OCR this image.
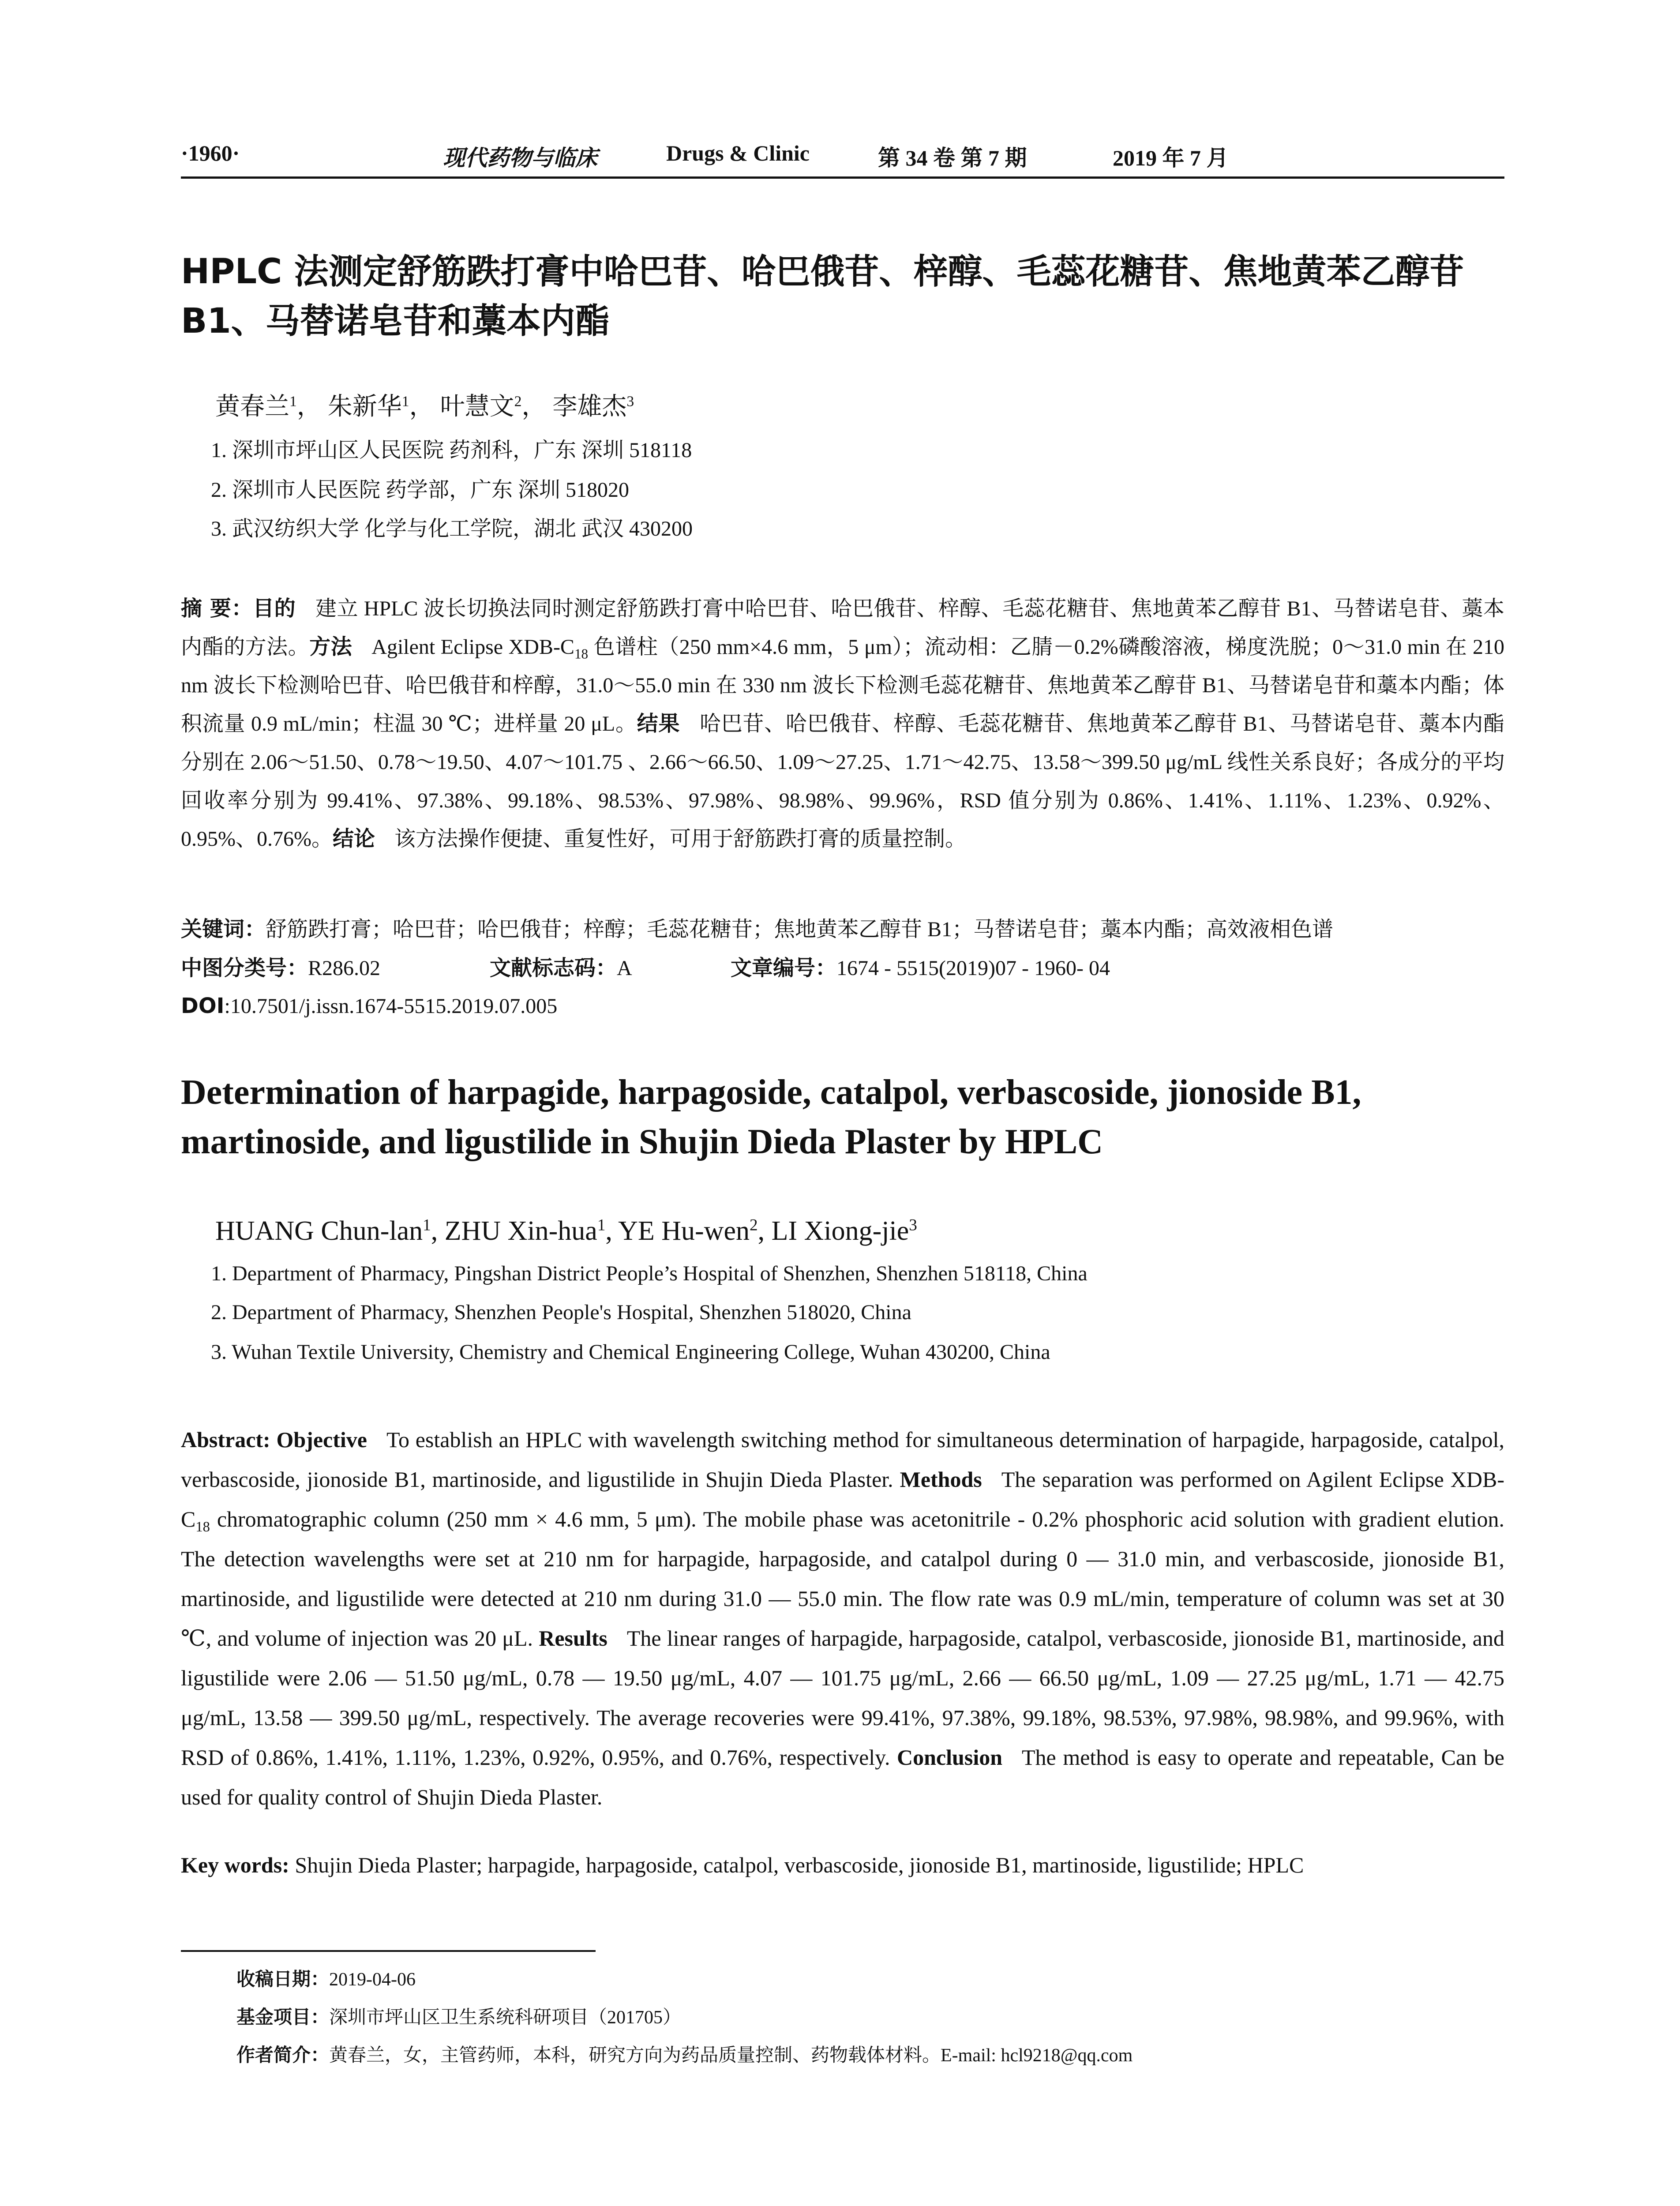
·1960·	现代药物与临床	Drugs & Clinic	第 34 卷 第 7 期	2019 年 7 月
HPLC 法测定舒筋跌打膏中哈巴苷、哈巴俄苷、梓醇、毛蕊花糖苷、焦地黄苯乙醇苷 B1、马替诺皂苷和藁本内酯
黄春兰$^1$， 朱新华$^1$， 叶慧文$^2$， 李雄杰$^3$
1. 深圳市坪山区人民医院 药剂科，广东 深圳 518118
2. 深圳市人民医院 药学部，广东 深圳 518020
3. 武汉纺织大学 化学与化工学院，湖北 武汉 430200

摘 要：目的 建立 HPLC 波长切换法同时测定舒筋跌打膏中哈巴苷、哈巴俄苷、梓醇、毛蕊花糖苷、焦地黄苯乙醇苷 B1、马替诺皂苷、藁本内酯的方法。方法 Agilent Eclipse XDB-$C_{18}$ 色谱柱（250 mm×4.6 mm，5 μm）；流动相：乙腈－0.2%磷酸溶液，梯度洗脱；0～31.0 min 在 210 nm 波长下检测哈巴苷、哈巴俄苷和梓醇，31.0～55.0 min 在 330 nm 波长下检测毛蕊花糖苷、焦地黄苯乙醇苷 B1、马替诺皂苷和藁本内酯；体积流量 0.9 mL/min；柱温 30 ℃；进样量 20 μL。结果 哈巴苷、哈巴俄苷、梓醇、毛蕊花糖苷、焦地黄苯乙醇苷 B1、马替诺皂苷、藁本内酯分别在 2.06～51.50、0.78～19.50、4.07～101.75 、2.66～66.50、1.09～27.25、1.71～42.75、13.58～399.50 μg/mL 线性关系良好；各成分的平均回收率分别为 99.41%、97.38%、99.18%、98.53%、97.98%、98.98%、99.96%，RSD 值分别为 0.86%、1.41%、1.11%、1.23%、0.92%、0.95%、0.76%。结论 该方法操作便捷、重复性好，可用于舒筋跌打膏的质量控制。

关键词：舒筋跌打膏；哈巴苷；哈巴俄苷；梓醇；毛蕊花糖苷；焦地黄苯乙醇苷 B1；马替诺皂苷；藁本内酯；高效液相色谱

中图分类号：R286.02	文献标志码：A	文章编号：1674 - 5515(2019)07 - 1960- 04

DOI:10.7501/j.issn.1674-5515.2019.07.005

Determination of harpagide, harpagoside, catalpol, verbascoside, jionoside B1, martinoside, and ligustilide in Shujin Dieda Plaster by HPLC
HUANG Chun-lan$^1$, ZHU Xin-hua$^1$, YE Hu-wen$^2$, LI Xiong-jie$^3$
1. Department of Pharmacy, Pingshan District People’s Hospital of Shenzhen, Shenzhen 518118, China
2. Department of Pharmacy, Shenzhen People's Hospital, Shenzhen 518020, China
3. Wuhan Textile University, Chemistry and Chemical Engineering College, Wuhan 430200, China

Abstract: Objective To establish an HPLC with wavelength switching method for simultaneous determination of harpagide, harpagoside, catalpol, verbascoside, jionoside B1, martinoside, and ligustilide in Shujin Dieda Plaster. Methods The separation was performed on Agilent Eclipse XDB-$C_{18}$ chromatographic column (250 mm × 4.6 mm, 5 μm). The mobile phase was acetonitrile - 0.2% phosphoric acid solution with gradient elution. The detection wavelengths were set at 210 nm for harpagide, harpagoside, and catalpol during 0 — 31.0 min, and verbascoside, jionoside B1, martinoside, and ligustilide were detected at 210 nm during 31.0 — 55.0 min. The flow rate was 0.9 mL/min, temperature of column was set at 30 ℃, and volume of injection was 20 μL. Results The linear ranges of harpagide, harpagoside, catalpol, verbascoside, jionoside B1, martinoside, and ligustilide were 2.06 — 51.50 μg/mL, 0.78 — 19.50 μg/mL, 4.07 — 101.75 μg/mL, 2.66 — 66.50 μg/mL, 1.09 — 27.25 μg/mL, 1.71 — 42.75 μg/mL, 13.58 — 399.50 μg/mL, respectively. The average recoveries were 99.41%, 97.38%, 99.18%, 98.53%, 97.98%, 98.98%, and 99.96%, with RSD of 0.86%, 1.41%, 1.11%, 1.23%, 0.92%, 0.95%, and 0.76%, respectively. Conclusion The method is easy to operate and repeatable, Can be used for quality control of Shujin Dieda Plaster.

Key words: Shujin Dieda Plaster; harpagide, harpagoside, catalpol, verbascoside, jionoside B1, martinoside, ligustilide; HPLC

收稿日期：2019-04-06
基金项目：深圳市坪山区卫生系统科研项目（201705）
作者简介：黄春兰，女，主管药师，本科，研究方向为药品质量控制、药物载体材料。E-mail: hcl9218@qq.com
